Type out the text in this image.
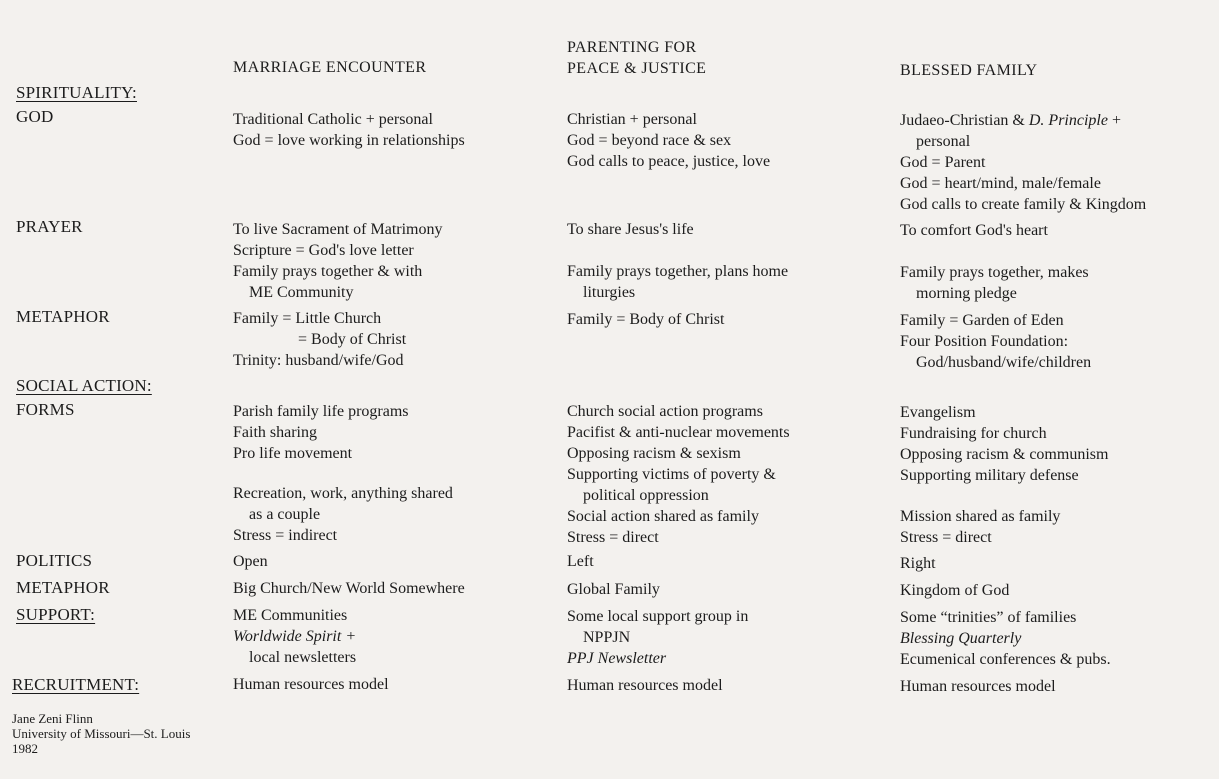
MARRIAGE ENCOUNTER
PARENTING FOR
PEACE & JUSTICE	BLESSED FAMILY
SPIRITUALITY:
GOD
PRAYER
METAPHOR
SOCIAL ACTION:
FORMS
POLITICS
METAPHOR
SUPPORT:
RECRUITMENT:
Traditional Catholic + personal
God = love working in relationships
To live Sacrament of Matrimony
Scripture = God's love letter
Family prays together & with
ME Community
Family = Little Church
= Body of Christ
Trinity: husband/wife/God
Parish family life programs
Faith sharing
Pro life movement
Recreation, work, anything shared
as a couple
Stress = indirect
Open
Big Church/New World Somewhere
ME Communities
Worldwide Spirit +
local newsletters
Human resources model
Christian + personal
God = beyond race & sex
God calls to peace, justice, love
To share Jesus's life
Family prays together, plans home
liturgies
Family = Body of Christ
Church social action programs
Pacifist & anti-nuclear movements
Opposing racism & sexism
Supporting victims of poverty &
political oppression
Social action shared as family
Stress = direct
Left
Global Family
Some local support group in
NPPJN
PPJ Newsletter
Human resources model
Judaeo-Christian & D. Principle +
personal
God = Parent
God = heart/mind, male/female
God calls to create family & Kingdom
To comfort God's heart
Family prays together, makes
morning pledge
Family = Garden of Eden
Four Position Foundation:
God/husband/wife/children
Evangelism
Fundraising for church
Opposing racism & communism
Supporting military defense
Mission shared as family
Stress = direct
Right
Kingdom of God
Some “trinities” of families
Blessing Quarterly
Ecumenical conferences & pubs.
Human resources model
Jane Zeni Flinn
University of Missouri—St. Louis
1982
